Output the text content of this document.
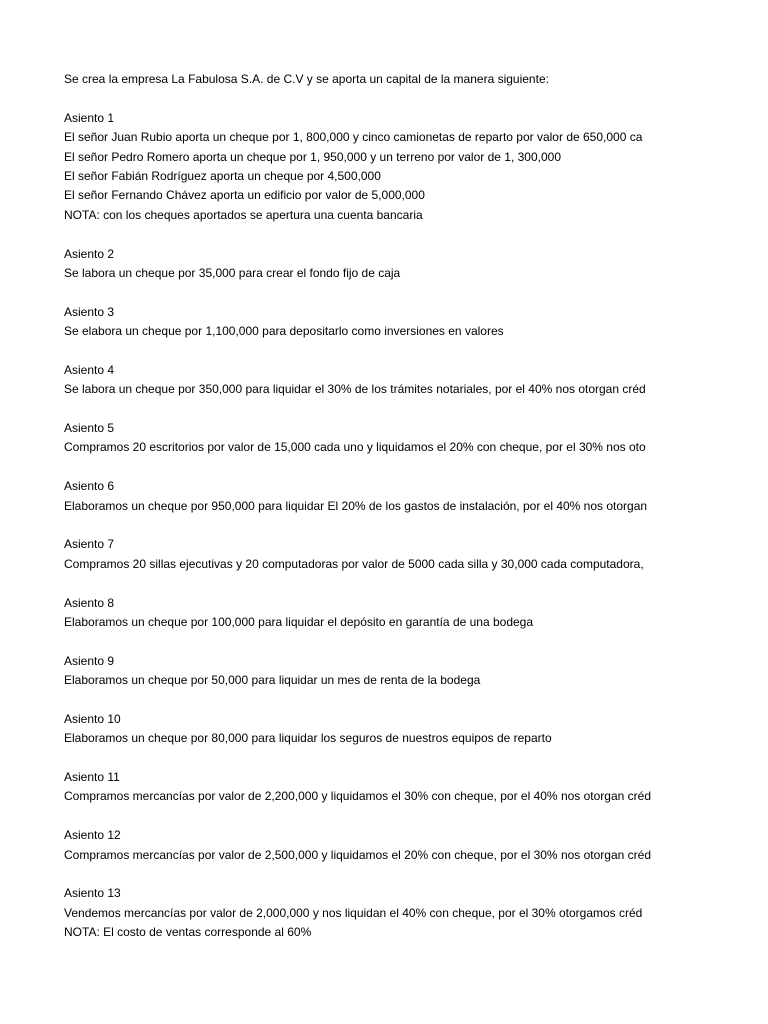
Se crea la empresa La Fabulosa S.A. de C.V y se aporta un capital de la manera siguiente:
Asiento 1
El señor Juan Rubio aporta un cheque por 1, 800,000 y cinco camionetas de reparto por valor de 650,000 ca
El señor Pedro Romero aporta un cheque por 1, 950,000 y un terreno por valor de 1, 300,000
El señor Fabián Rodríguez aporta un cheque por 4,500,000
El señor Fernando Chávez aporta un edificio por valor de 5,000,000
NOTA: con los cheques aportados se apertura una cuenta bancaria
Asiento 2
Se labora un cheque por 35,000 para crear el fondo fijo de caja
Asiento 3
Se elabora un cheque por 1,100,000 para depositarlo como inversiones en valores
Asiento 4
Se labora un cheque por 350,000 para liquidar el 30% de los trámites notariales, por el 40% nos otorgan créd
Asiento 5
Compramos 20 escritorios por valor de 15,000 cada uno y liquidamos el 20% con cheque, por el 30% nos oto
Asiento 6
Elaboramos un cheque por 950,000 para liquidar El 20% de los gastos de instalación, por el 40% nos otorgan
Asiento 7
Compramos 20 sillas ejecutivas y 20 computadoras por valor de 5000 cada silla y 30,000 cada computadora,
Asiento 8
Elaboramos un cheque por 100,000 para liquidar el depósito en garantía de una bodega
Asiento 9
Elaboramos un cheque por 50,000 para liquidar un mes de renta de la bodega
Asiento 10
Elaboramos un cheque por 80,000 para liquidar los seguros de nuestros equipos de reparto
Asiento 11
Compramos mercancías por valor de 2,200,000 y liquidamos el 30% con cheque, por el 40% nos otorgan créd
Asiento 12
Compramos mercancías por valor de 2,500,000 y liquidamos el 20% con cheque, por el 30% nos otorgan créd
Asiento 13
Vendemos mercancías por valor de 2,000,000 y nos liquidan el 40% con cheque, por el 30% otorgamos créd
NOTA: El costo de ventas corresponde al 60%
